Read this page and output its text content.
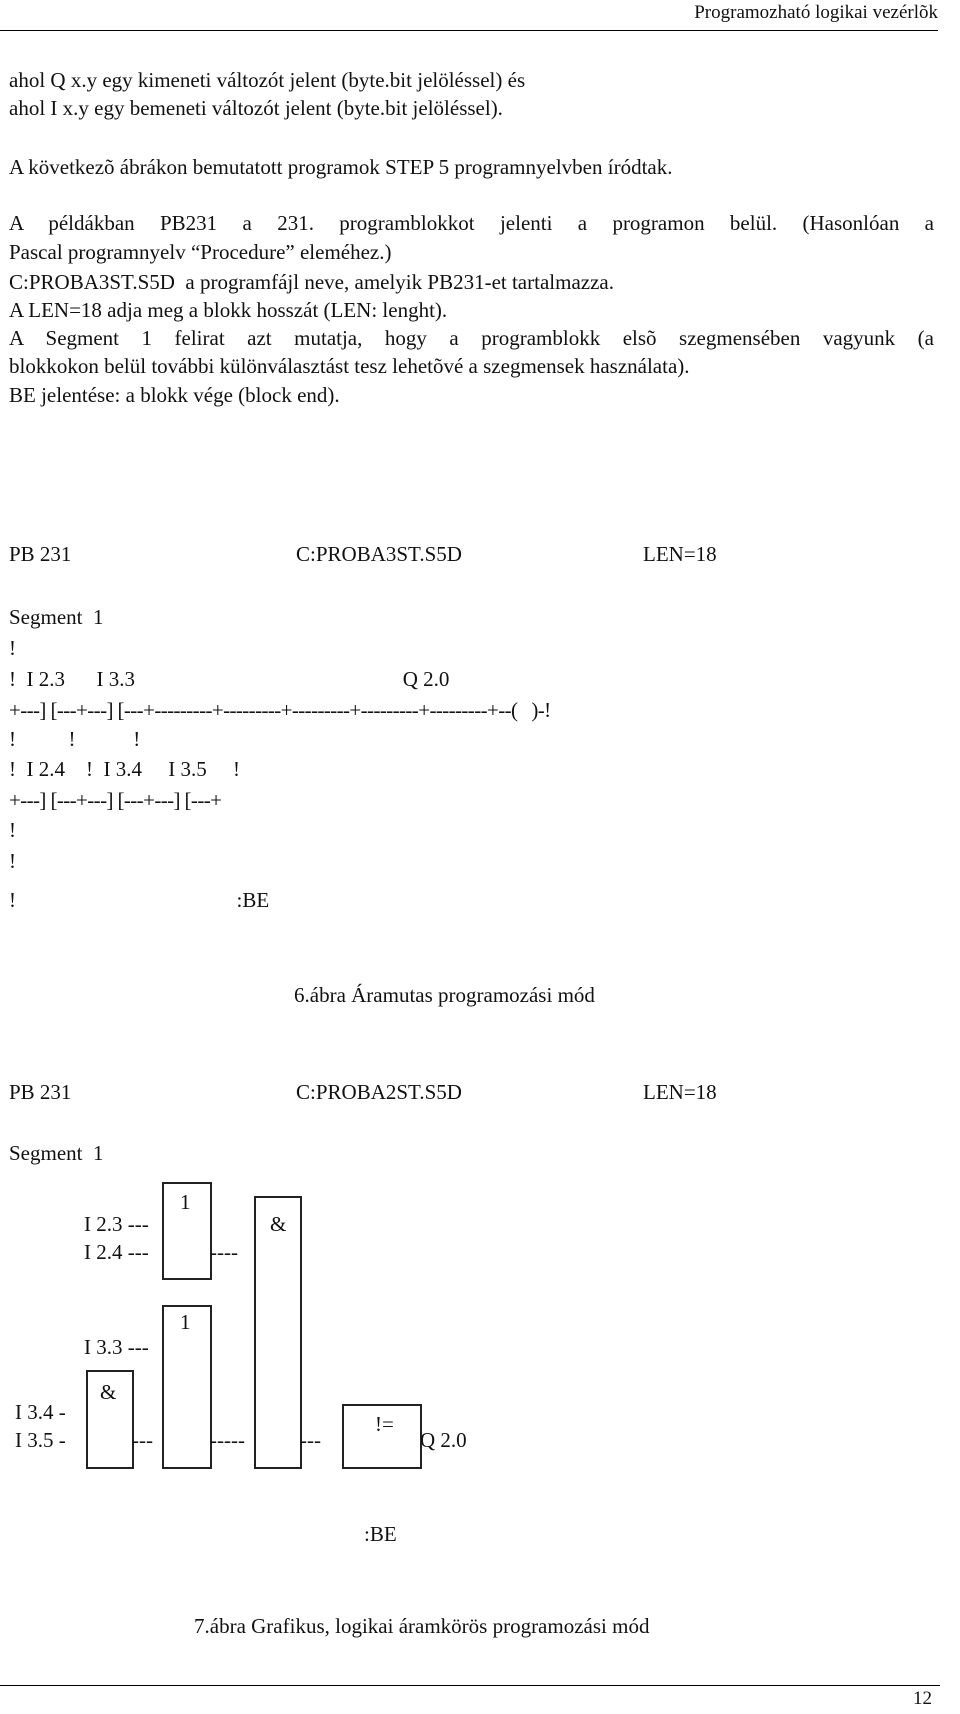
Programozható logikai vezérlõk
ahol Q x.y egy kimeneti változót jelent (byte.bit jelöléssel) és
ahol I x.y egy bemeneti változót jelent (byte.bit jelöléssel).
A következõ ábrákon bemutatott programok STEP 5 programnyelvben íródtak.
A példákban PB231 a 231. programblokkot jelenti a programon belül. (Hasonlóan a
Pascal programnyelv “Procedure” eleméhez.)
C:PROBA3ST.S5D  a programfájl neve, amelyik PB231-et tartalmazza.
A LEN=18 adja meg a blokk hosszát (LEN: lenght).
A Segment 1 felirat azt mutatja, hogy a programblokk elsõ szegmensében vagyunk (a
blokkokon belül további különválasztást tesz lehetõvé a szegmensek használata).
BE jelentése: a blokk vége (block end).
PB 231	C:PROBA3ST.S5D	LEN=18
Segment  1
!
!  I 2.3      I 3.3                                                   Q 2.0
+---] [---+---] [---+---------+---------+---------+---------+---------+--(   )-!
!          !           !
!  I 2.4    !  I 3.4     I 3.5     !
+---] [---+---] [---+---] [---+
!
!
!                                          :BE
6.ábra Áramutas programozási mód
PB 231	C:PROBA2ST.S5D	LEN=18
Segment  1
1
&
1
&
!=
I 2.3 ---
I 2.4 ---	----
I 3.3 ---
I 3.4 -
I 3.5 -	---	-----	---	Q 2.0
:BE
7.ábra Grafikus, logikai áramkörös programozási mód
12
